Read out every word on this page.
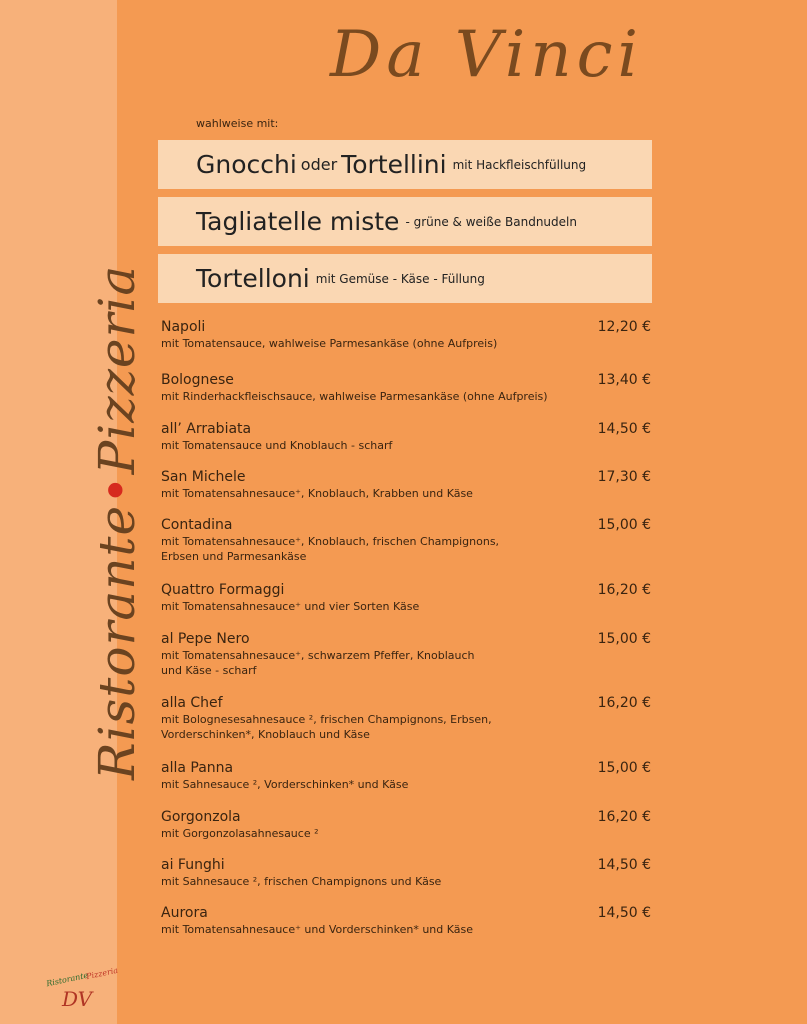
Ristorante•Pizzeria
Ristorante
Pizzeria
DV
Da Vinci
wahlweise mit:
Gnocchi oder Tortellini mit Hackfleischfüllung
Tagliatelle miste - grüne & weiße Bandnudeln
Tortelloni mit Gemüse - Käse - Füllung
Napoli
mit Tomatensauce, wahlweise Parmesankäse (ohne Aufpreis)
12,20 €
Bolognese
mit Rinderhackfleischsauce, wahlweise Parmesankäse (ohne Aufpreis)
13,40 €
all’ Arrabiata
mit Tomatensauce und Knoblauch - scharf
14,50 €
San Michele
mit Tomatensahnesauce⁺, Knoblauch, Krabben und Käse
17,30 €
Contadina
mit Tomatensahnesauce⁺, Knoblauch, frischen Champignons,
Erbsen und Parmesankäse
15,00 €
Quattro Formaggi
mit Tomatensahnesauce⁺ und vier Sorten Käse
16,20 €
al Pepe Nero
mit Tomatensahnesauce⁺, schwarzem Pfeffer, Knoblauch
und Käse - scharf
15,00 €
alla Chef
mit Bolognesesahnesauce ², frischen Champignons, Erbsen,
Vorderschinken*, Knoblauch und Käse
16,20 €
alla Panna
mit Sahnesauce ², Vorderschinken* und Käse
15,00 €
Gorgonzola
mit Gorgonzolasahnesauce ²
16,20 €
ai Funghi
mit Sahnesauce ², frischen Champignons und Käse
14,50 €
Aurora
mit Tomatensahnesauce⁺ und Vorderschinken* und Käse
14,50 €
